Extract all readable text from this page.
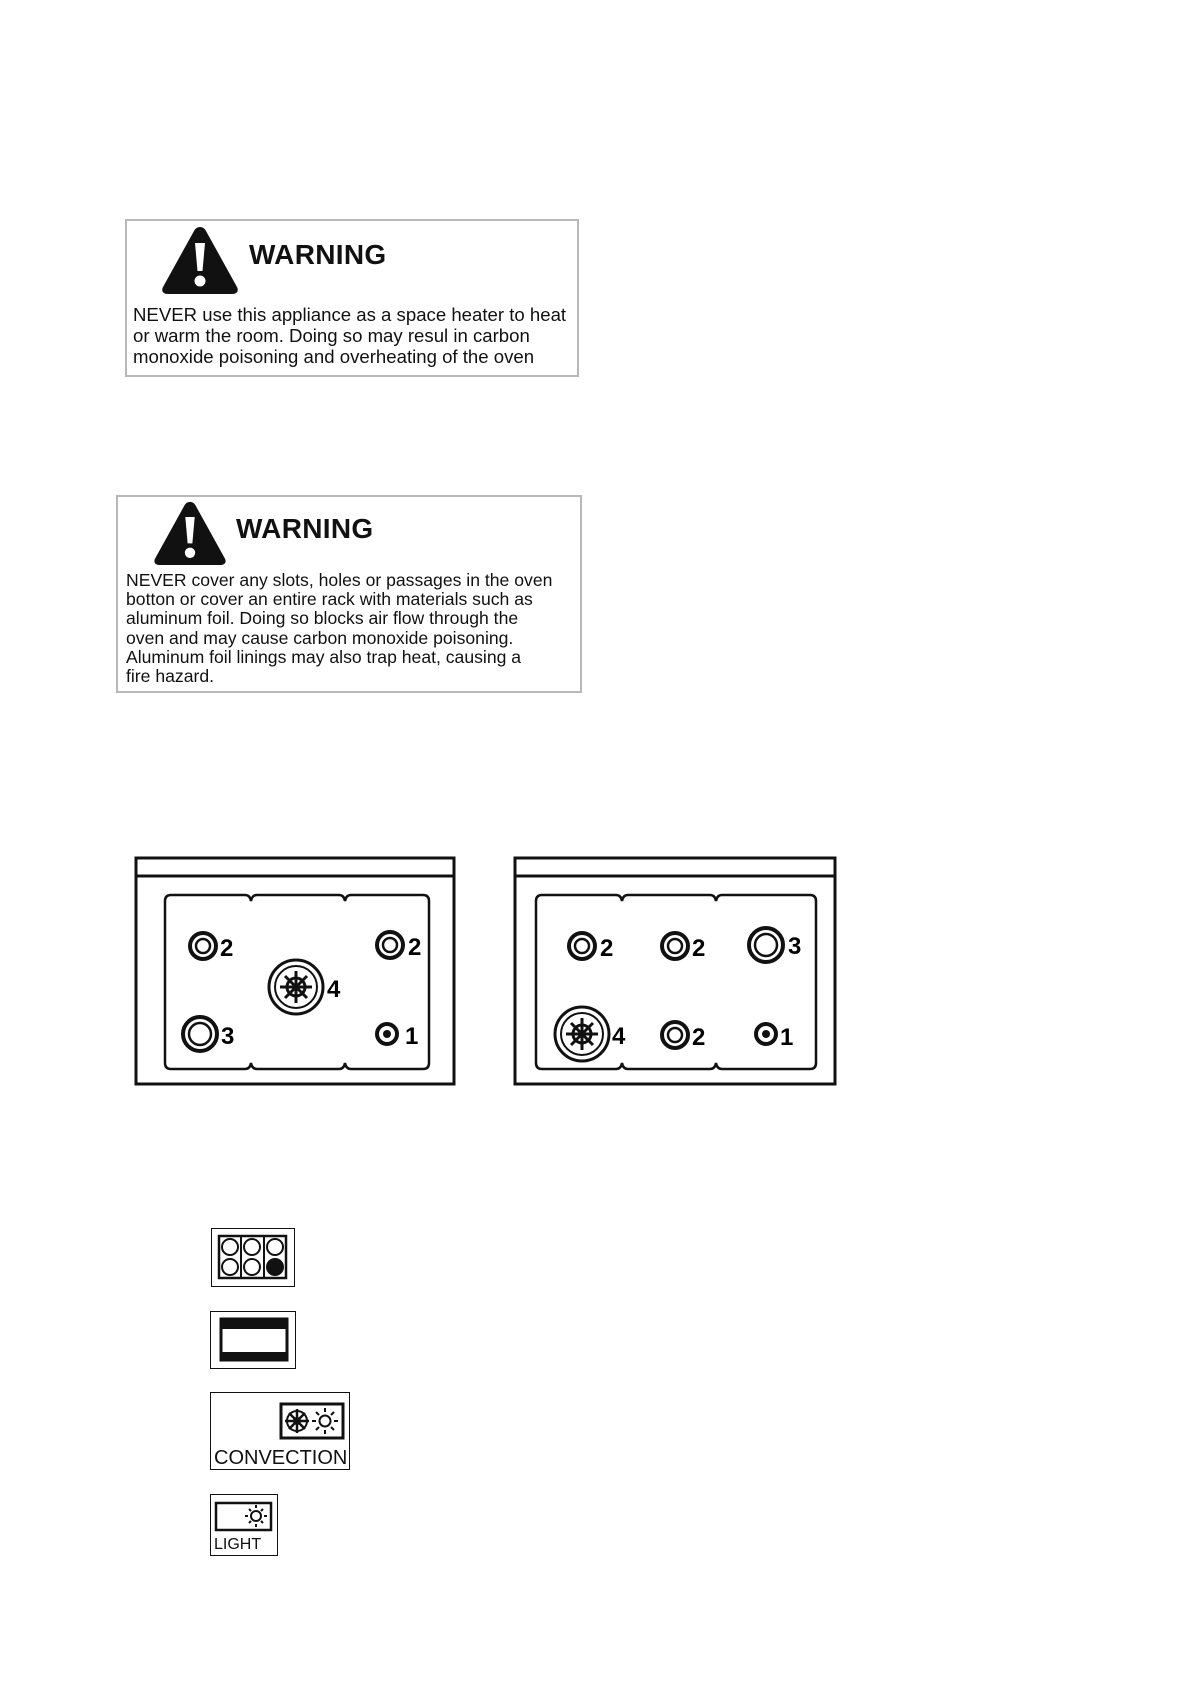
WARNING
NEVER use this appliance as a space heater to heat
or warm the room. Doing so may resul in carbon
monoxide poisoning and overheating of the oven
WARNING
NEVER cover any slots, holes or passages in the oven
botton or cover an entire rack with materials such as
aluminum foil. Doing so blocks air flow through the
oven and may cause carbon monoxide poisoning.
Aluminum foil linings may also trap heat, causing a
fire hazard.
2	2
4
3	1
2	2	3
4	2	1
CONVECTION
LIGHT
